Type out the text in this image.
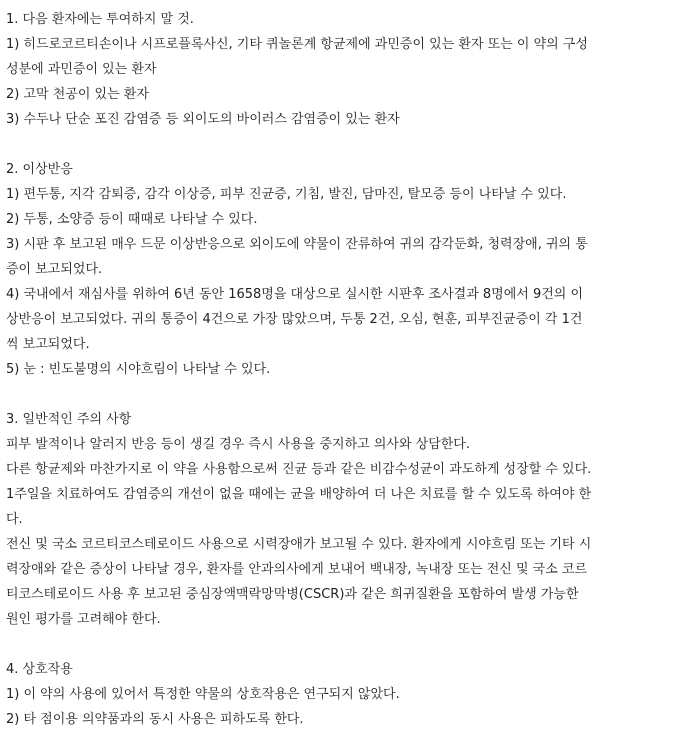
1. 다음 환자에는 투여하지 말 것.
1) 히드로코르티손이나 시프로플록사신, 기타 퀴놀론계 항균제에 과민증이 있는 환자 또는 이 약의 구성
성분에 과민증이 있는 환자
2) 고막 천공이 있는 환자
3) 수두나 단순 포진 감염증 등 외이도의 바이러스 감염증이 있는 환자
2. 이상반응
1) 편두통, 지각 감퇴증, 감각 이상증, 피부 진균증, 기침, 발진, 담마진, 탈모증 등이 나타날 수 있다.
2) 두통, 소양증 등이 때때로 나타날 수 있다.
3) 시판 후 보고된 매우 드문 이상반응으로 외이도에 약물이 잔류하여 귀의 감각둔화, 청력장애, 귀의 통
증이 보고되었다.
4) 국내에서 재심사를 위하여 6년 동안 1658명을 대상으로 실시한 시판후 조사결과 8명에서 9건의 이
상반응이 보고되었다. 귀의 통증이 4건으로 가장 많았으며, 두통 2건, 오심, 현훈, 피부진균증이 각 1건
씩 보고되었다.
5) 눈 : 빈도불명의 시야흐림이 나타날 수 있다.
3. 일반적인 주의 사항
피부 발적이나 알러지 반응 등이 생길 경우 즉시 사용을 중지하고 의사와 상담한다.
다른 항균제와 마찬가지로 이 약을 사용함으로써 진균 등과 같은 비감수성균이 과도하게 성장할 수 있다.
1주일을 치료하여도 감염증의 개선이 없을 때에는 균을 배양하여 더 나은 치료를 할 수 있도록 하여야 한
다.
전신 및 국소 코르티코스테로이드 사용으로 시력장애가 보고될 수 있다. 환자에게 시야흐림 또는 기타 시
력장애와 같은 증상이 나타날 경우, 환자를 안과의사에게 보내어 백내장, 녹내장 또는 전신 및 국소 코르
티코스테로이드 사용 후 보고된 중심장액맥락망막병(CSCR)과 같은 희귀질환을 포함하여 발생 가능한
원인 평가를 고려해야 한다.
4. 상호작용
1) 이 약의 사용에 있어서 특정한 약물의 상호작용은 연구되지 않았다.
2) 타 점이용 의약품과의 동시 사용은 피하도록 한다.
